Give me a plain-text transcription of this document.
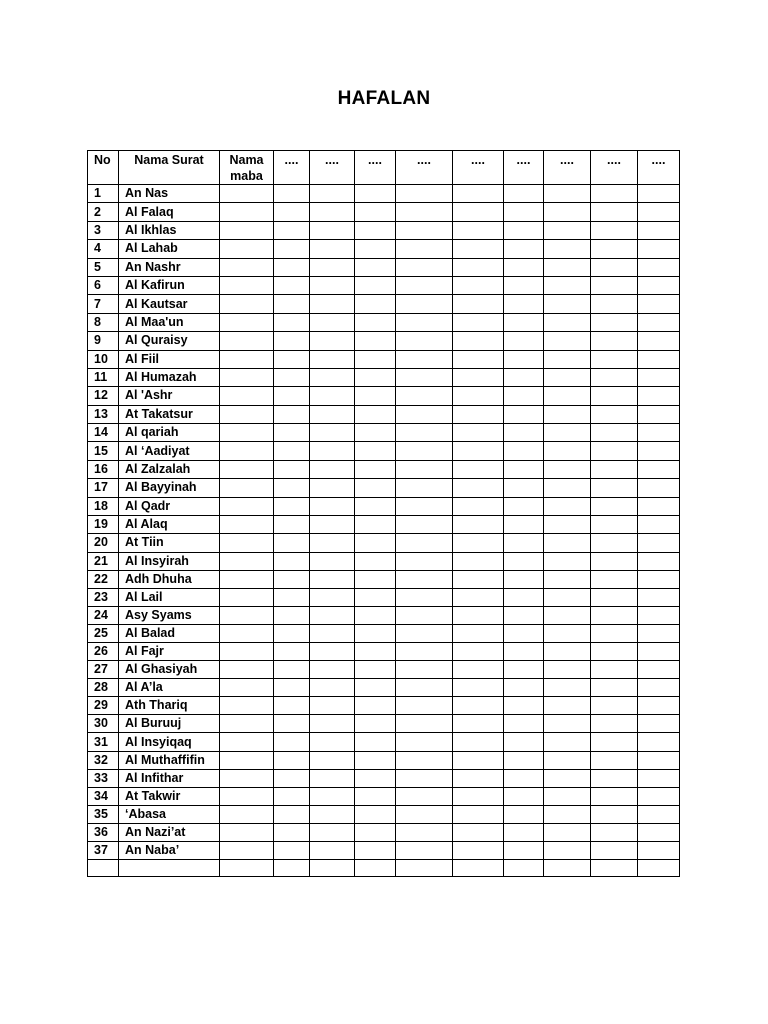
HAFALAN
No	Nama Surat	Nama maba	....	....	....	....	....	....	....	....	....
1	An Nas										
2	Al Falaq										
3	Al Ikhlas										
4	Al Lahab										
5	An Nashr										
6	Al Kafirun										
7	Al Kautsar										
8	Al Maa'un										
9	Al Quraisy										
10	Al Fiil										
11	Al Humazah										
12	Al 'Ashr										
13	At Takatsur										
14	Al qariah										
15	Al ‘Aadiyat										
16	Al Zalzalah										
17	Al Bayyinah										
18	Al Qadr										
19	Al Alaq										
20	At Tiin										
21	Al Insyirah										
22	Adh Dhuha										
23	Al Lail										
24	Asy Syams										
25	Al Balad										
26	Al Fajr										
27	Al Ghasiyah										
28	Al A’la										
29	Ath Thariq										
30	Al Buruuj										
31	Al Insyiqaq										
32	Al Muthaffifin										
33	Al Infithar										
34	At Takwir										
35	‘Abasa										
36	An Nazi’at										
37	An Naba’										
